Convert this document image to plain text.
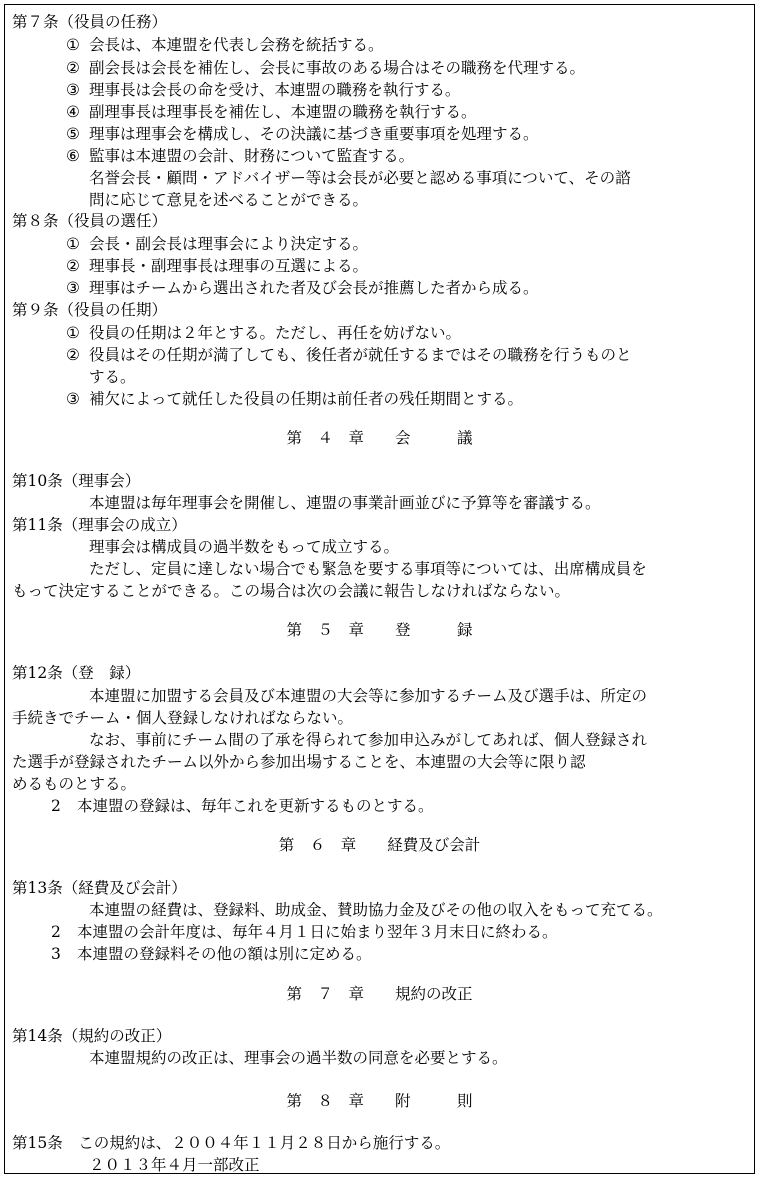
第７条（役員の任務）
① 会長は、本連盟を代表し会務を統括する。
② 副会長は会長を補佐し、会長に事故のある場合はその職務を代理する。
③ 理事長は会長の命を受け、本連盟の職務を執行する。
④ 副理事長は理事長を補佐し、本連盟の職務を執行する。
⑤ 理事は理事会を構成し、その決議に基づき重要事項を処理する。
⑥ 監事は本連盟の会計、財務について監査する。
名誉会長・顧問・アドバイザー等は会長が必要と認める事項について、その諮
問に応じて意見を述べることができる。
第８条（役員の選任）
① 会長・副会長は理事会により決定する。
② 理事長・副理事長は理事の互選による。
③ 理事はチームから選出された者及び会長が推薦した者から成る。
第９条（役員の任期）
① 役員の任期は２年とする。ただし、再任を妨げない。
② 役員はその任期が満了しても、後任者が就任するまではその職務を行うものと
する。
③ 補欠によって就任した役員の任期は前任者の残任期間とする。
第　４　章　　会　　　議
第10条（理事会）
本連盟は毎年理事会を開催し、連盟の事業計画並びに予算等を審議する。
第11条（理事会の成立）
理事会は構成員の過半数をもって成立する。
ただし、定員に達しない場合でも緊急を要する事項等については、出席構成員を
もって決定することができる。この場合は次の会議に報告しなければならない。
第　５　章　　登　　　録
第12条（登　録）
本連盟に加盟する会員及び本連盟の大会等に参加するチーム及び選手は、所定の
手続きでチーム・個人登録しなければならない。
なお、事前にチーム間の了承を得られて参加申込みがしてあれば、個人登録され
た選手が登録されたチーム以外から参加出場することを、本連盟の大会等に限り認
めるものとする。
2 本連盟の登録は、毎年これを更新するものとする。
第　６　章　　経費及び会計
第13条（経費及び会計）
本連盟の経費は、登録料、助成金、賛助協力金及びその他の収入をもって充てる。
2 本連盟の会計年度は、毎年４月１日に始まり翌年３月末日に終わる。
3 本連盟の登録料その他の額は別に定める。
第　７　章　　規約の改正
第14条（規約の改正）
本連盟規約の改正は、理事会の過半数の同意を必要とする。
第　８　章　　附　　　則
第15条　この規約は、２００４年１１月２８日から施行する。
２０１３年４月一部改正
